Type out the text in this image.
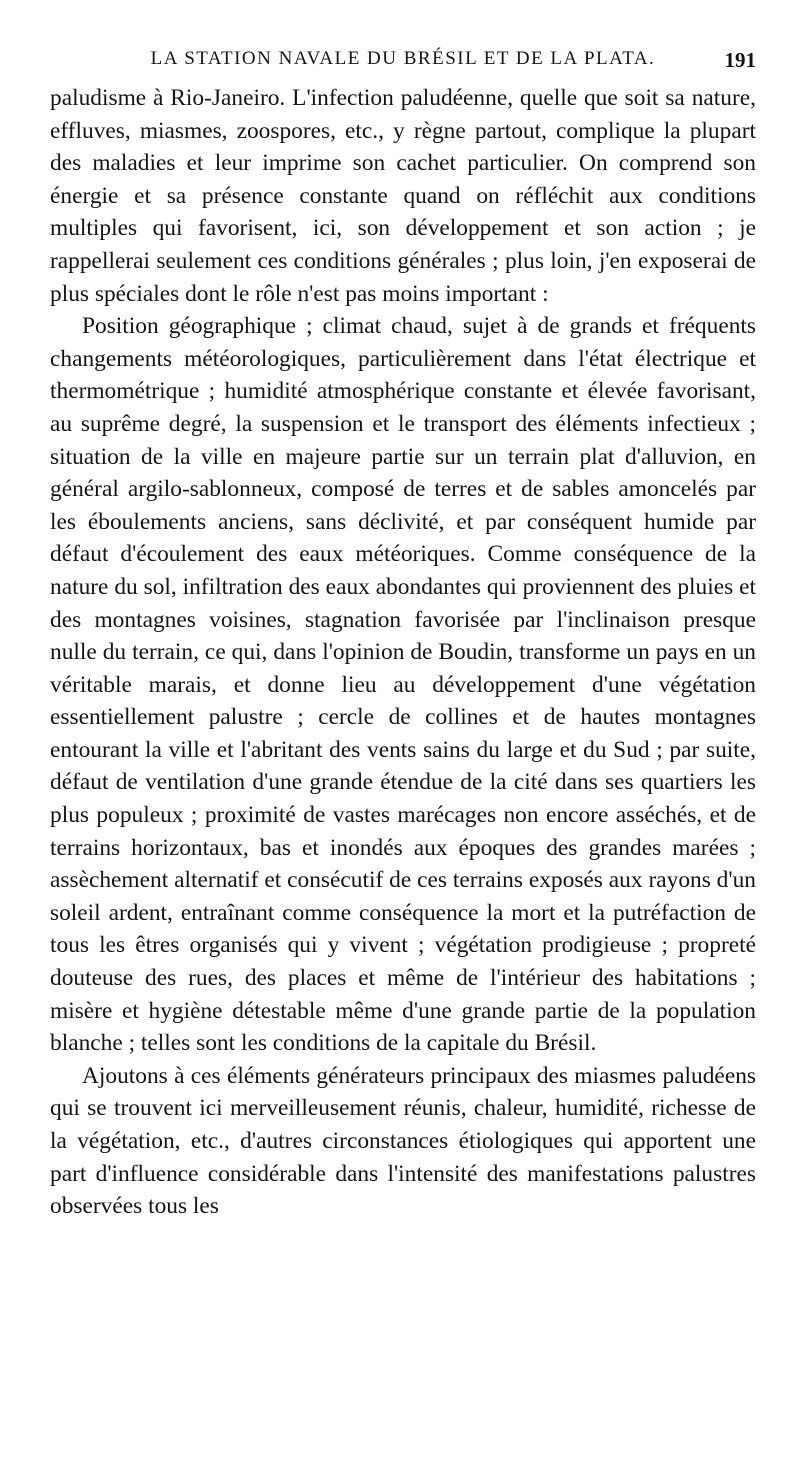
LA STATION NAVALE DU BRÉSIL ET DE LA PLATA.	191

paludisme à Rio-Janeiro. L'infection paludéenne, quelle que soit sa nature, effluves, miasmes, zoospores, etc., y règne partout, complique la plupart des maladies et leur imprime son cachet particulier. On comprend son énergie et sa présence constante quand on réfléchit aux conditions multiples qui favorisent, ici, son développement et son action ; je rappellerai seulement ces conditions générales ; plus loin, j'en exposerai de plus spéciales dont le rôle n'est pas moins important :

Position géographique ; climat chaud, sujet à de grands et fréquents changements météorologiques, particulièrement dans l'état électrique et thermométrique ; humidité atmosphérique constante et élevée favorisant, au suprême degré, la suspension et le transport des éléments infectieux ; situation de la ville en majeure partie sur un terrain plat d'alluvion, en général argilo-sablonneux, composé de terres et de sables amoncelés par les éboulements anciens, sans déclivité, et par conséquent humide par défaut d'écoulement des eaux météoriques. Comme conséquence de la nature du sol, infiltration des eaux abondantes qui proviennent des pluies et des montagnes voisines, stagnation favorisée par l'inclinaison presque nulle du terrain, ce qui, dans l'opinion de Boudin, transforme un pays en un véritable marais, et donne lieu au développement d'une végétation essentiellement palustre ; cercle de collines et de hautes montagnes entourant la ville et l'abritant des vents sains du large et du Sud ; par suite, défaut de ventilation d'une grande étendue de la cité dans ses quartiers les plus populeux ; proximité de vastes marécages non encore asséchés, et de terrains horizontaux, bas et inondés aux époques des grandes marées ; assèchement alternatif et consécutif de ces terrains exposés aux rayons d'un soleil ardent, entraînant comme conséquence la mort et la putréfaction de tous les êtres organisés qui y vivent ; végétation prodigieuse ; propreté douteuse des rues, des places et même de l'intérieur des habitations ; misère et hygiène détestable même d'une grande partie de la population blanche ; telles sont les conditions de la capitale du Brésil.

Ajoutons à ces éléments générateurs principaux des miasmes paludéens qui se trouvent ici merveilleusement réunis, chaleur, humidité, richesse de la végétation, etc., d'autres circonstances étiologiques qui apportent une part d'influence considérable dans l'intensité des manifestations palustres observées tous les
